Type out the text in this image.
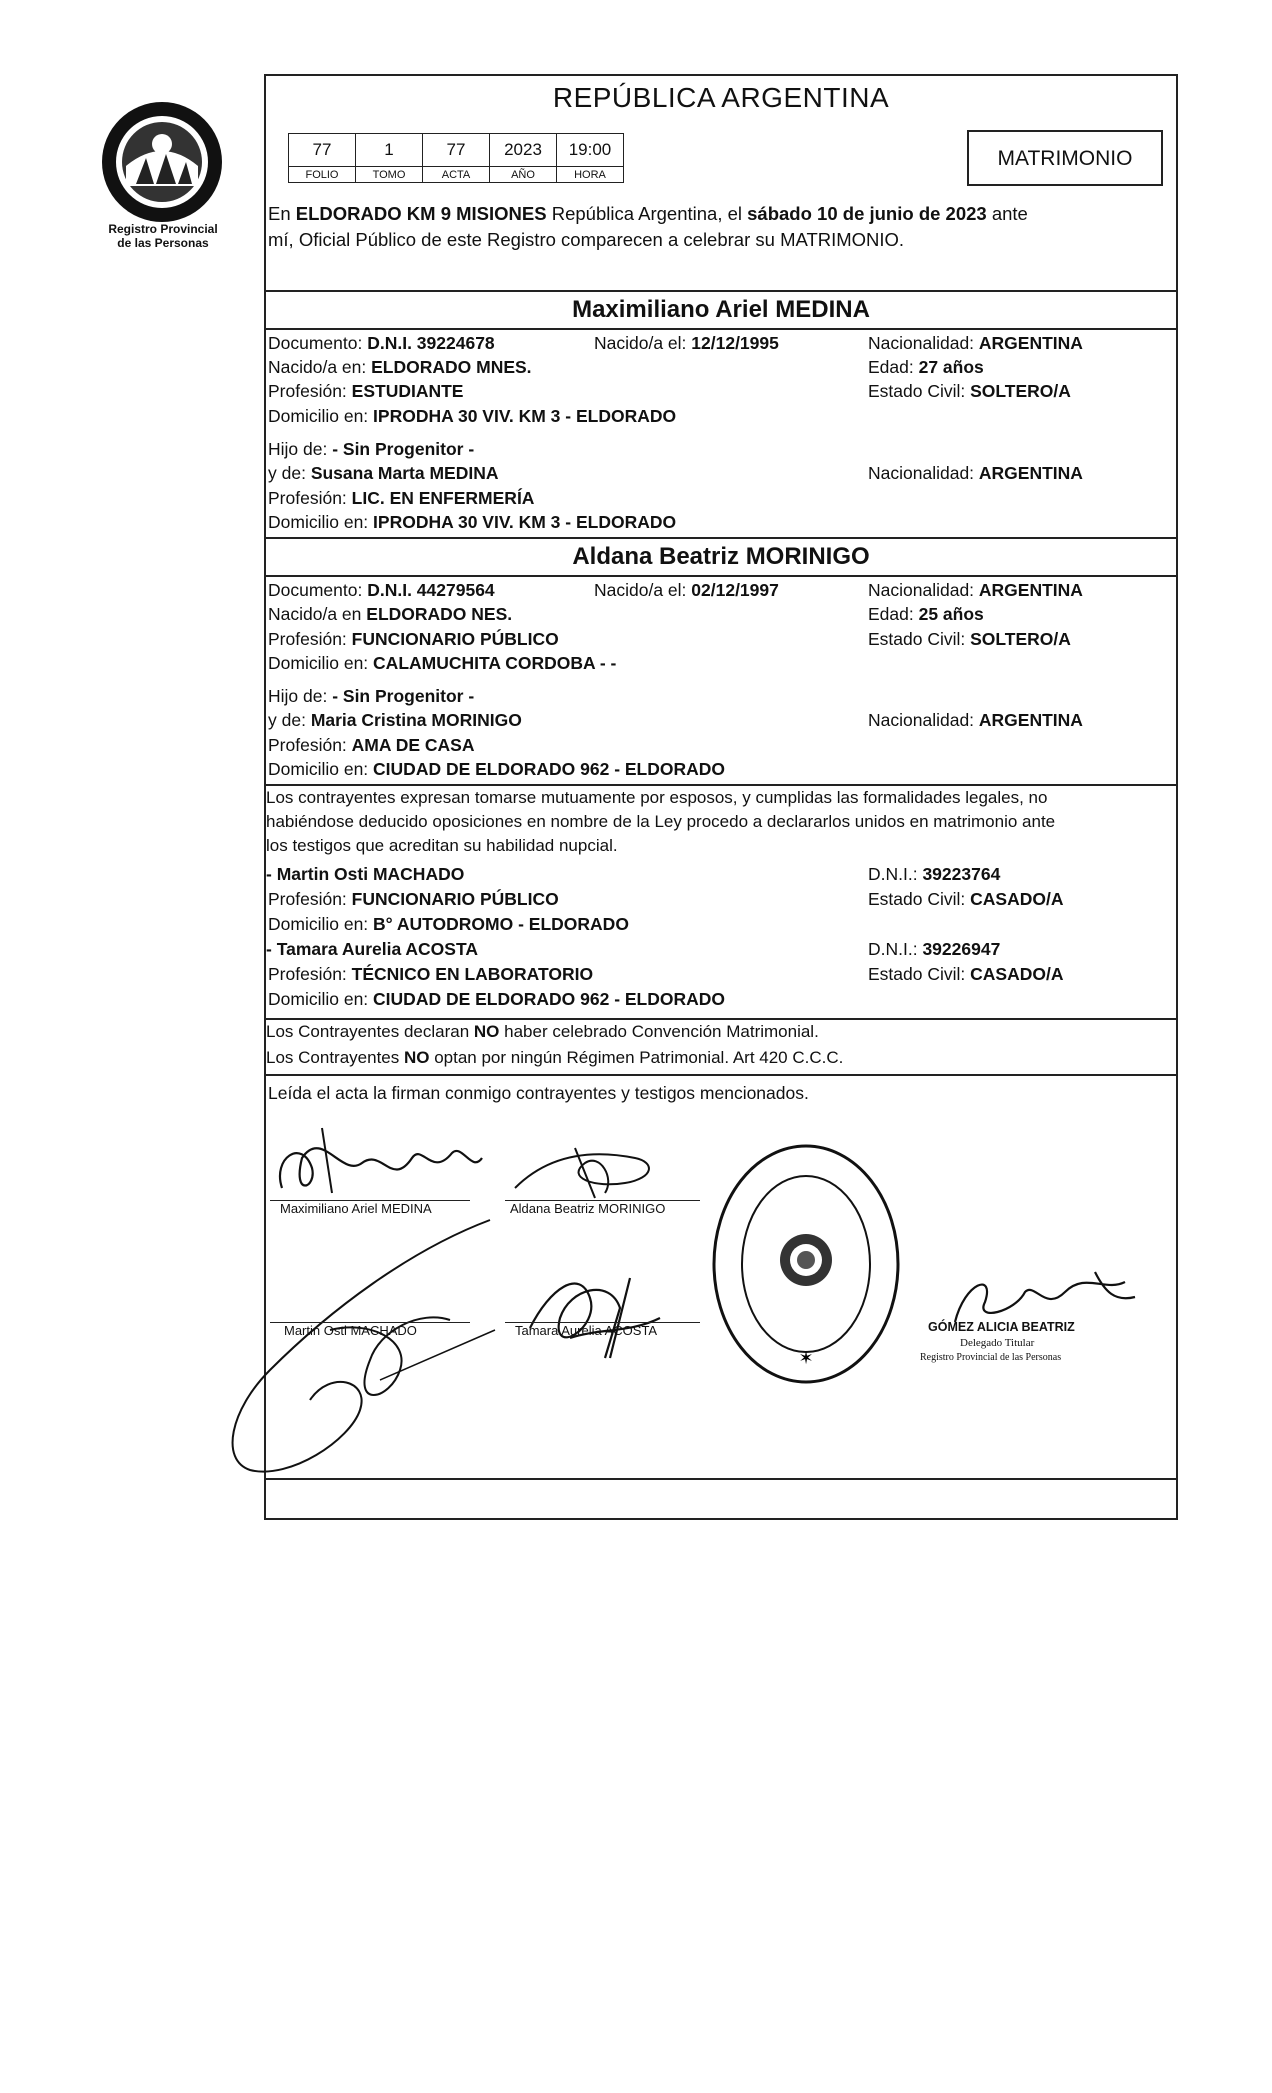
Registro Provincial
de las Personas
REPÚBLICA ARGENTINA
77	1	77	2023	19:00
FOLIO	TOMO	ACTA	AÑO	HORA
MATRIMONIO
En ELDORADO KM 9 MISIONES República Argentina, el sábado 10 de junio de 2023 ante
mí, Oficial Público de este Registro comparecen a celebrar su MATRIMONIO.
Maximiliano Ariel MEDINA
Documento: D.N.I. 39224678	Nacido/a el: 12/12/1995	Nacionalidad: ARGENTINA
Nacido/a en: ELDORADO MNES.	Edad: 27 años
Profesión: ESTUDIANTE	Estado Civil: SOLTERO/A
Domicilio en: IPRODHA 30 VIV. KM 3 - ELDORADO
Hijo de: - Sin Progenitor -
y de: Susana Marta MEDINA	Nacionalidad: ARGENTINA
Profesión: LIC. EN ENFERMERÍA
Domicilio en: IPRODHA 30 VIV. KM 3 - ELDORADO
Aldana Beatriz MORINIGO
Documento: D.N.I. 44279564	Nacido/a el: 02/12/1997	Nacionalidad: ARGENTINA
Nacido/a en ELDORADO NES.	Edad: 25 años
Profesión: FUNCIONARIO PÚBLICO	Estado Civil: SOLTERO/A
Domicilio en: CALAMUCHITA CORDOBA - -
Hijo de: - Sin Progenitor -
y de: Maria Cristina MORINIGO	Nacionalidad: ARGENTINA
Profesión: AMA DE CASA
Domicilio en: CIUDAD DE ELDORADO 962 - ELDORADO
Los contrayentes expresan tomarse mutuamente por esposos, y cumplidas las formalidades legales, no
habiéndose deducido oposiciones en nombre de la Ley procedo a declararlos unidos en matrimonio ante
los testigos que acreditan su habilidad nupcial.
- Martin Osti MACHADO	D.N.I.: 39223764
Profesión: FUNCIONARIO PÚBLICO	Estado Civil: CASADO/A
Domicilio en: B° AUTODROMO - ELDORADO
- Tamara Aurelia ACOSTA	D.N.I.: 39226947
Profesión: TÉCNICO EN LABORATORIO	Estado Civil: CASADO/A
Domicilio en: CIUDAD DE ELDORADO 962 - ELDORADO
Los Contrayentes declaran NO haber celebrado Convención Matrimonial.
Los Contrayentes NO optan por ningún Régimen Patrimonial. Art 420 C.C.C.
Leída el acta la firman conmigo contrayentes y testigos mencionados.
Maximiliano Ariel MEDINA	Aldana Beatriz MORINIGO
Martin Osti MACHADO	Tamara Aurelia ACOSTA
✶
GÓMEZ ALICIA BEATRIZ
Delegado Titular
Registro Provincial de las Personas
